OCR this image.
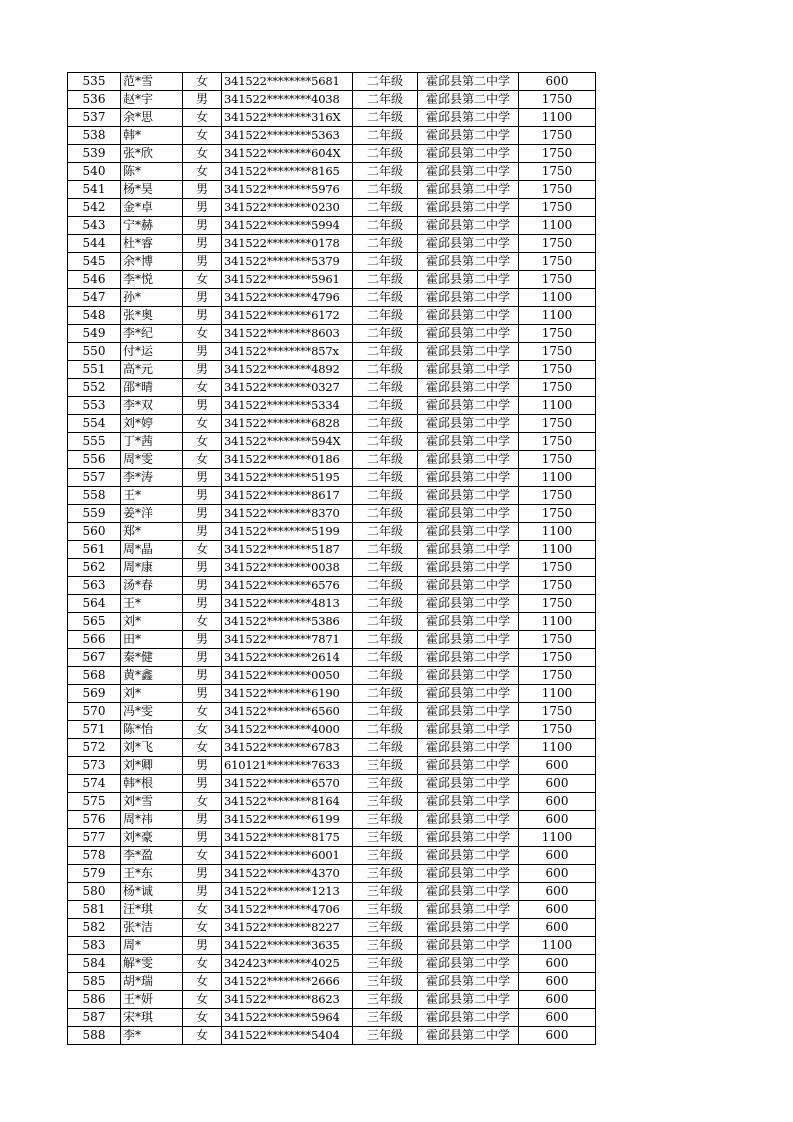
535	范*雪	女	341522********5681	二年级	霍邱县第二中学	600
536	赵*宇	男	341522********4038	二年级	霍邱县第二中学	1750
537	余*思	女	341522********316X	二年级	霍邱县第二中学	1100
538	韩*	女	341522********5363	二年级	霍邱县第二中学	1750
539	张*欣	女	341522********604X	二年级	霍邱县第二中学	1750
540	陈*	女	341522********8165	二年级	霍邱县第二中学	1750
541	杨*昊	男	341522********5976	二年级	霍邱县第二中学	1750
542	金*卓	男	341522********0230	二年级	霍邱县第二中学	1750
543	宁*赫	男	341522********5994	二年级	霍邱县第二中学	1100
544	杜*睿	男	341522********0178	二年级	霍邱县第二中学	1750
545	余*博	男	341522********5379	二年级	霍邱县第二中学	1750
546	李*悦	女	341522********5961	二年级	霍邱县第二中学	1750
547	孙*	男	341522********4796	二年级	霍邱县第二中学	1100
548	张*奥	男	341522********6172	二年级	霍邱县第二中学	1100
549	李*纪	女	341522********8603	二年级	霍邱县第二中学	1750
550	付*运	男	341522********857x	二年级	霍邱县第二中学	1750
551	高*元	男	341522********4892	二年级	霍邱县第二中学	1750
552	邵*晴	女	341522********0327	二年级	霍邱县第二中学	1750
553	李*双	男	341522********5334	二年级	霍邱县第二中学	1100
554	刘*婷	女	341522********6828	二年级	霍邱县第二中学	1750
555	丁*茜	女	341522********594X	二年级	霍邱县第二中学	1750
556	周*雯	女	341522********0186	二年级	霍邱县第二中学	1750
557	李*涛	男	341522********5195	二年级	霍邱县第二中学	1100
558	王*	男	341522********8617	二年级	霍邱县第二中学	1750
559	姜*洋	男	341522********8370	二年级	霍邱县第二中学	1750
560	郑*	男	341522********5199	二年级	霍邱县第二中学	1100
561	周*晶	女	341522********5187	二年级	霍邱县第二中学	1100
562	周*康	男	341522********0038	二年级	霍邱县第二中学	1750
563	汤*春	男	341522********6576	二年级	霍邱县第二中学	1750
564	王*	男	341522********4813	二年级	霍邱县第二中学	1750
565	刘*	女	341522********5386	二年级	霍邱县第二中学	1100
566	田*	男	341522********7871	二年级	霍邱县第二中学	1750
567	秦*健	男	341522********2614	二年级	霍邱县第二中学	1750
568	黄*鑫	男	341522********0050	二年级	霍邱县第二中学	1750
569	刘*	男	341522********6190	二年级	霍邱县第二中学	1100
570	冯*雯	女	341522********6560	二年级	霍邱县第二中学	1750
571	陈*怡	女	341522********4000	二年级	霍邱县第二中学	1750
572	刘*飞	女	341522********6783	二年级	霍邱县第二中学	1100
573	刘*卿	男	610121********7633	三年级	霍邱县第二中学	600
574	韩*根	男	341522********6570	三年级	霍邱县第二中学	600
575	刘*雪	女	341522********8164	三年级	霍邱县第二中学	600
576	周*祎	男	341522********6199	三年级	霍邱县第二中学	600
577	刘*豪	男	341522********8175	三年级	霍邱县第二中学	1100
578	李*盈	女	341522********6001	三年级	霍邱县第二中学	600
579	王*东	男	341522********4370	三年级	霍邱县第二中学	600
580	杨*诚	男	341522********1213	三年级	霍邱县第二中学	600
581	汪*琪	女	341522********4706	三年级	霍邱县第二中学	600
582	张*洁	女	341522********8227	三年级	霍邱县第二中学	600
583	周*	男	341522********3635	三年级	霍邱县第二中学	1100
584	解*雯	女	342423********4025	三年级	霍邱县第二中学	600
585	胡*瑞	女	341522********2666	三年级	霍邱县第二中学	600
586	王*妍	女	341522********8623	三年级	霍邱县第二中学	600
587	宋*琪	女	341522********5964	三年级	霍邱县第二中学	600
588	李*	女	341522********5404	三年级	霍邱县第二中学	600
